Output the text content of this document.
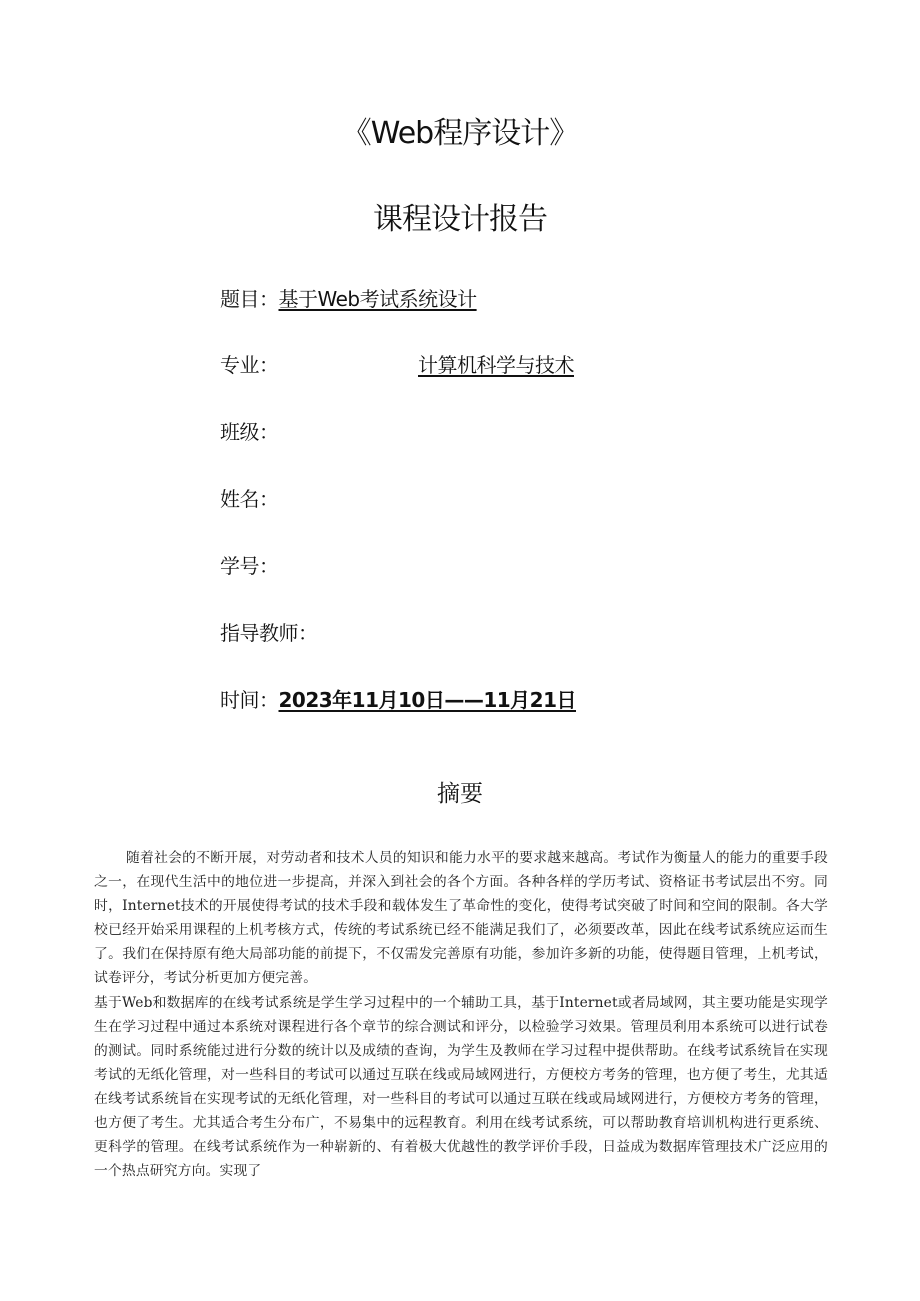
《Web程序设计》
课程设计报告
题目：基于Web考试系统设计
专业：	计算机科学与技术
班级：
姓名：
学号：
指导教师：
时间：2023年11月10日——11月21日
摘要

随着社会的不断开展，对劳动者和技术人员的知识和能力水平的要求越来越高。考试作为衡量人的能力的重要手段之一，在现代生活中的地位进一步提高，并深入到社会的各个方面。各种各样的学历考试、资格证书考试层出不穷。同时，Internet技术的开展使得考试的技术手段和载体发生了革命性的变化，使得考试突破了时间和空间的限制。各大学校已经开始采用课程的上机考核方式，传统的考试系统已经不能满足我们了，必须要改革，因此在线考试系统应运而生了。我们在保持原有绝大局部功能的前提下，不仅需发完善原有功能，参加许多新的功能，使得题目管理，上机考试，试卷评分，考试分析更加方便完善。

基于Web和数据库的在线考试系统是学生学习过程中的一个辅助工具，基于Internet或者局域网，其主要功能是实现学生在学习过程中通过本系统对课程进行各个章节的综合测试和评分，以检验学习效果。管理员利用本系统可以进行试卷的测试。同时系统能过进行分数的统计以及成绩的查询，为学生及教师在学习过程中提供帮助。在线考试系统旨在实现考试的无纸化管理，对一些科目的考试可以通过互联在线或局域网进行，方便校方考务的管理，也方便了考生，尤其适在线考试系统旨在实现考试的无纸化管理，对一些科目的考试可以通过互联在线或局域网进行，方便校方考务的管理，也方便了考生。尤其适合考生分布广，不易集中的远程教育。利用在线考试系统，可以帮助教育培训机构进行更系统、更科学的管理。在线考试系统作为一种崭新的、有着极大优越性的教学评价手段，日益成为数据库管理技术广泛应用的一个热点研究方向。实现了
